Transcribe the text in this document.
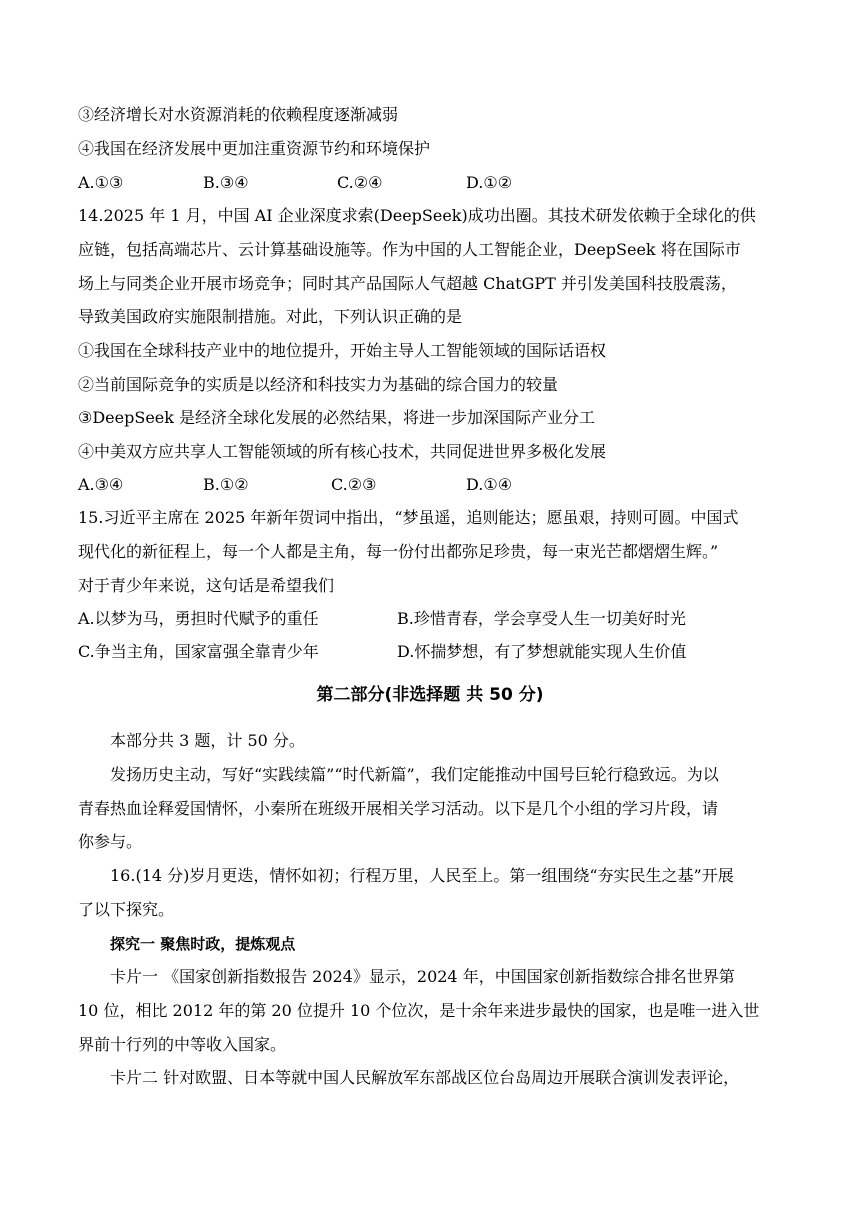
③经济增长对水资源消耗的依赖程度逐渐减弱
④我国在经济发展中更加注重资源节约和环境保护
A.①③	B.③④	C.②④	D.①②
14.2025 年 1 月，中国 AI 企业深度求索(DeepSeek)成功出圈。其技术研发依赖于全球化的供
应链，包括高端芯片、云计算基础设施等。作为中国的人工智能企业，DeepSeek 将在国际市
场上与同类企业开展市场竞争；同时其产品国际人气超越 ChatGPT 并引发美国科技股震荡，
导致美国政府实施限制措施。对此，下列认识正确的是
①我国在全球科技产业中的地位提升，开始主导人工智能领域的国际话语权
②当前国际竞争的实质是以经济和科技实力为基础的综合国力的较量
③DeepSeek 是经济全球化发展的必然结果，将进一步加深国际产业分工
④中美双方应共享人工智能领域的所有核心技术，共同促进世界多极化发展
A.③④	B.①②	C.②③	D.①④
15.习近平主席在 2025 年新年贺词中指出，“梦虽遥，追则能达；愿虽艰，持则可圆。中国式
现代化的新征程上，每一个人都是主角，每一份付出都弥足珍贵，每一束光芒都熠熠生辉。”
对于青少年来说，这句话是希望我们
A.以梦为马，勇担时代赋予的重任	B.珍惜青春，学会享受人生一切美好时光
C.争当主角，国家富强全靠青少年	D.怀揣梦想，有了梦想就能实现人生价值
第二部分(非选择题 共 50 分)
本部分共 3 题，计 50 分。
发扬历史主动，写好“实践续篇”“时代新篇”，我们定能推动中国号巨轮行稳致远。为以
青春热血诠释爱国情怀，小秦所在班级开展相关学习活动。以下是几个小组的学习片段，请
你参与。
16.(14 分)岁月更迭，情怀如初；行程万里，人民至上。第一组围绕“夯实民生之基”开展
了以下探究。
探究一 聚焦时政，提炼观点
卡片一 《国家创新指数报告 2024》显示，2024 年，中国国家创新指数综合排名世界第
10 位，相比 2012 年的第 20 位提升 10 个位次，是十余年来进步最快的国家，也是唯一进入世
界前十行列的中等收入国家。
卡片二 针对欧盟、日本等就中国人民解放军东部战区位台岛周边开展联合演训发表评论，
